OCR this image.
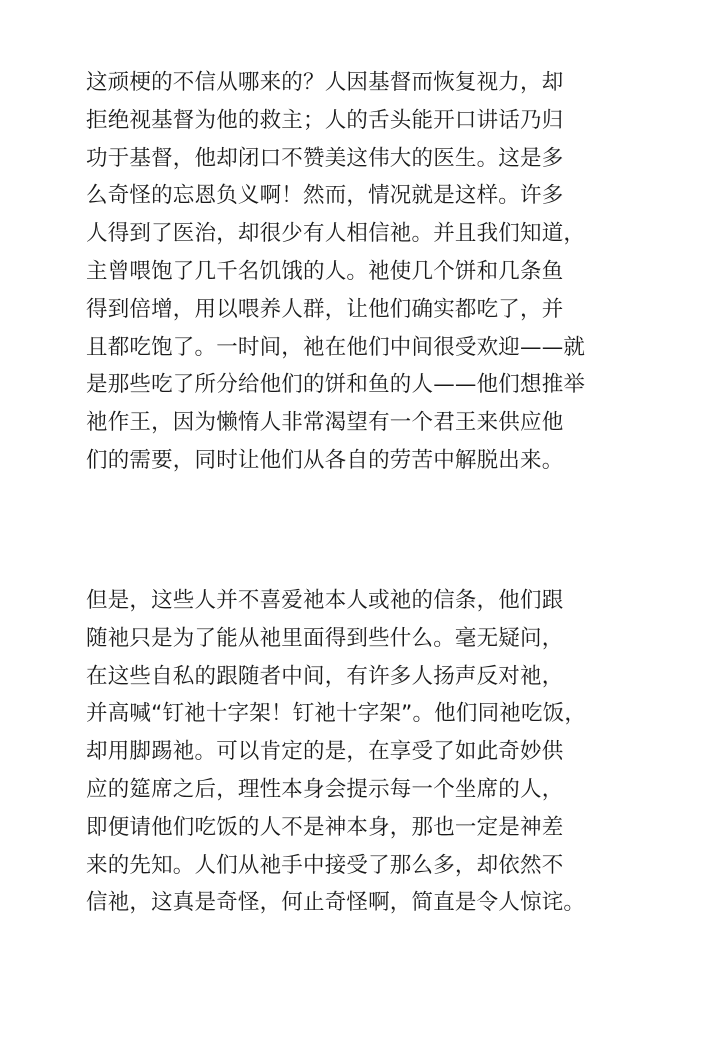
这顽梗的不信从哪来的？人因基督而恢复视力，却
拒绝视基督为他的救主；人的舌头能开口讲话乃归
功于基督，他却闭口不赞美这伟大的医生。这是多
么奇怪的忘恩负义啊！然而，情况就是这样。许多
人得到了医治，却很少有人相信祂。并且我们知道，
主曾喂饱了几千名饥饿的人。祂使几个饼和几条鱼
得到倍增，用以喂养人群，让他们确实都吃了，并
且都吃饱了。一时间，祂在他们中间很受欢迎——就
是那些吃了所分给他们的饼和鱼的人——他们想推举
祂作王，因为懒惰人非常渴望有一个君王来供应他
们的需要，同时让他们从各自的劳苦中解脱出来。
但是，这些人并不喜爱祂本人或祂的信条，他们跟
随祂只是为了能从祂里面得到些什么。毫无疑问，
在这些自私的跟随者中间，有许多人扬声反对祂，
并高喊“钉祂十字架！钉祂十字架”。他们同祂吃饭，
却用脚踢祂。可以肯定的是，在享受了如此奇妙供
应的筵席之后，理性本身会提示每一个坐席的人，
即便请他们吃饭的人不是神本身，那也一定是神差
来的先知。人们从祂手中接受了那么多，却依然不
信祂，这真是奇怪，何止奇怪啊，简直是令人惊诧。
